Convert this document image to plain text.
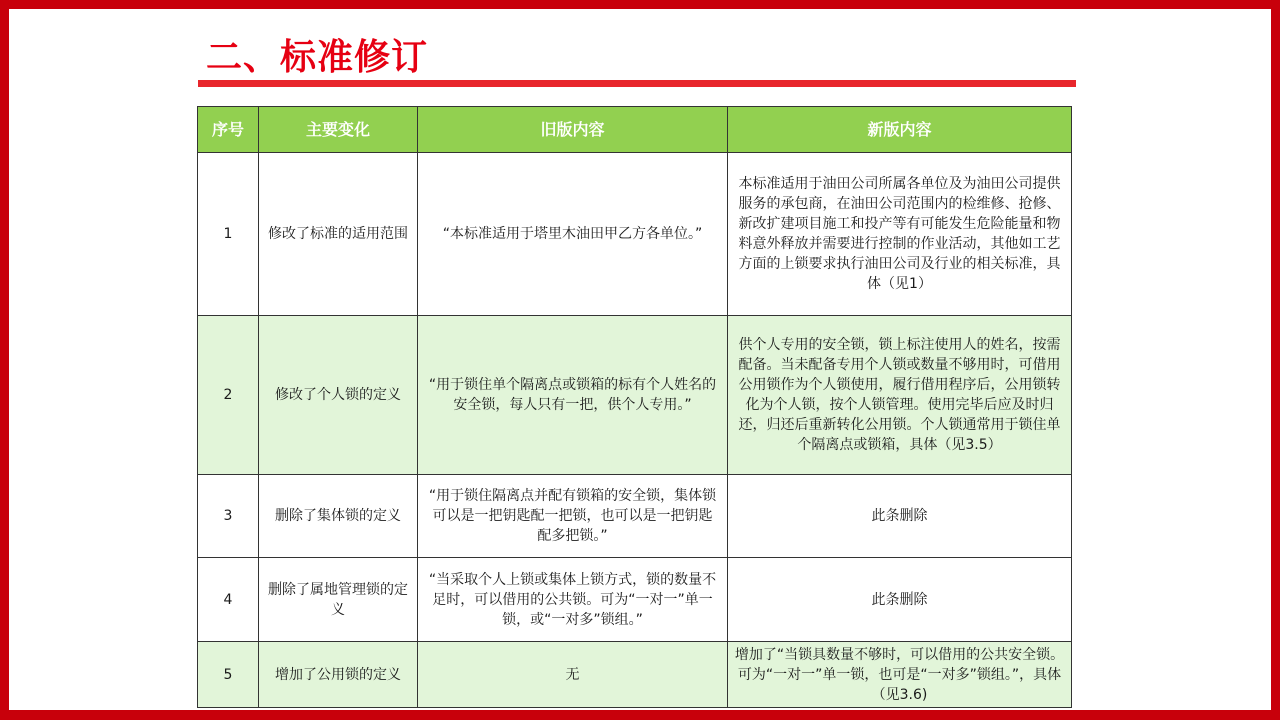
二、标准修订
序号	主要变化	旧版内容	新版内容
1	修改了标准的适用范围	“本标准适用于塔里木油田甲乙方各单位。”	本标准适用于油田公司所属各单位及为油田公司提供服务的承包商，在油田公司范围内的检维修、抢修、新改扩建项目施工和投产等有可能发生危险能量和物料意外释放并需要进行控制的作业活动，其他如工艺方面的上锁要求执行油田公司及行业的相关标准，具体（见1）
2	修改了个人锁的定义	“用于锁住单个隔离点或锁箱的标有个人姓名的安全锁，每人只有一把，供个人专用。”	供个人专用的安全锁，锁上标注使用人的姓名，按需配备。当未配备专用个人锁或数量不够用时，可借用公用锁作为个人锁使用，履行借用程序后，公用锁转化为个人锁，按个人锁管理。使用完毕后应及时归还，归还后重新转化公用锁。个人锁通常用于锁住单个隔离点或锁箱，具体（见3.5）
3	删除了集体锁的定义	“用于锁住隔离点并配有锁箱的安全锁，集体锁可以是一把钥匙配一把锁，也可以是一把钥匙配多把锁。”	此条删除
4	删除了属地管理锁的定义	“当采取个人上锁或集体上锁方式，锁的数量不足时，可以借用的公共锁。可为“一对一”单一锁，或“一对多”锁组。”	此条删除
5	增加了公用锁的定义	无	增加了“当锁具数量不够时，可以借用的公共安全锁。可为“一对一”单一锁，也可是“一对多”锁组。”，具体（见3.6)
